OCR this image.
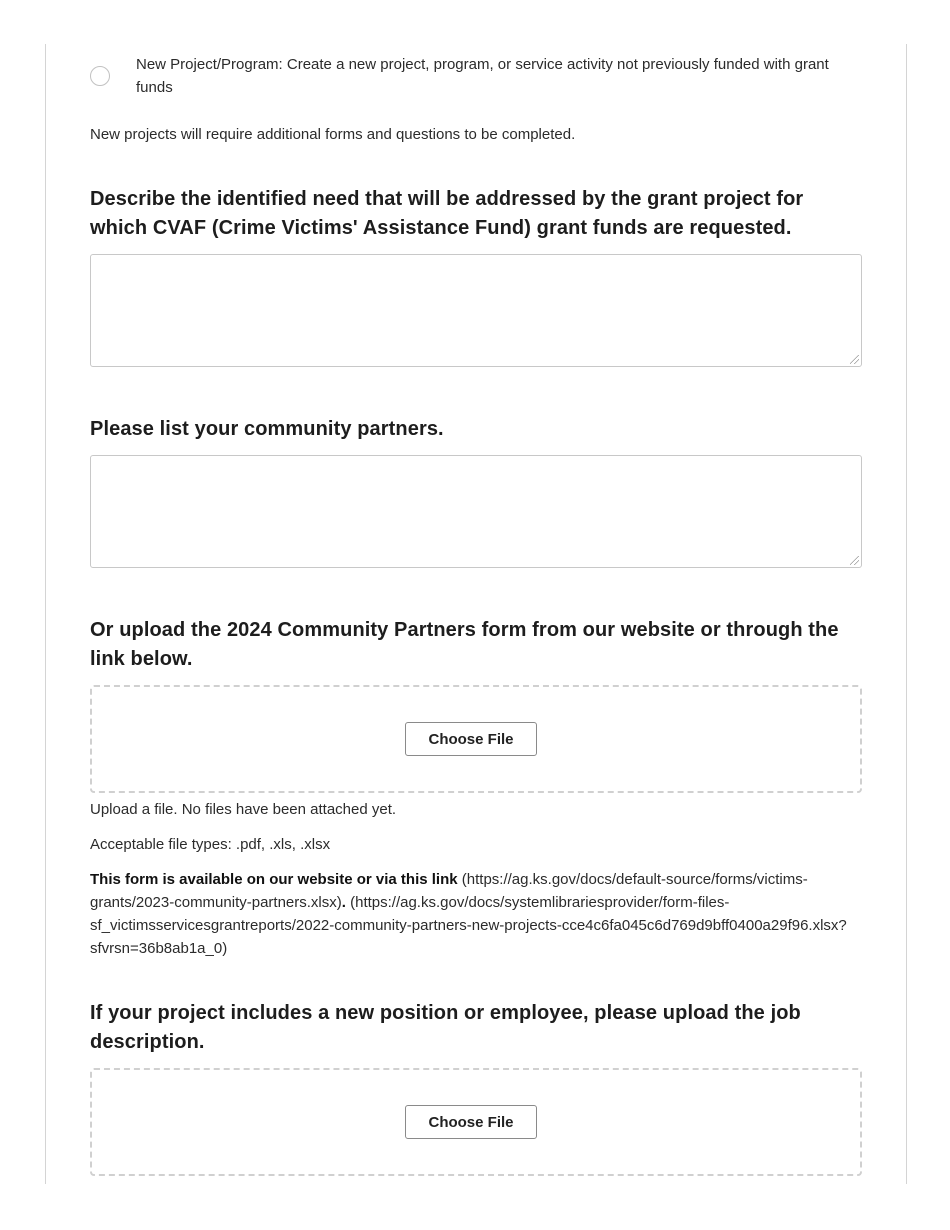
New Project/Program: Create a new project, program, or service activity not previously funded with grant funds
New projects will require additional forms and questions to be completed.
Describe the identified need that will be addressed by the grant project for which CVAF (Crime Victims' Assistance Fund) grant funds are requested.
Please list your community partners.
Or upload the 2024 Community Partners form from our website or through the link below.
Choose File
Upload a file. No files have been attached yet.
Acceptable file types: .pdf, .xls, .xlsx
This form is available on our website or via this link (https://ag.ks.gov/docs/default-source/forms/victims-grants/2023-community-partners.xlsx). (https://ag.ks.gov/docs/systemlibrariesprovider/form-files-sf_victimsservicesgrantreports/2022-community-partners-new-projects-cce4c6fa045c6d769d9bff0400a29f96.xlsx?sfvrsn=36b8ab1a_0)
If your project includes a new position or employee, please upload the job description.
Choose File
